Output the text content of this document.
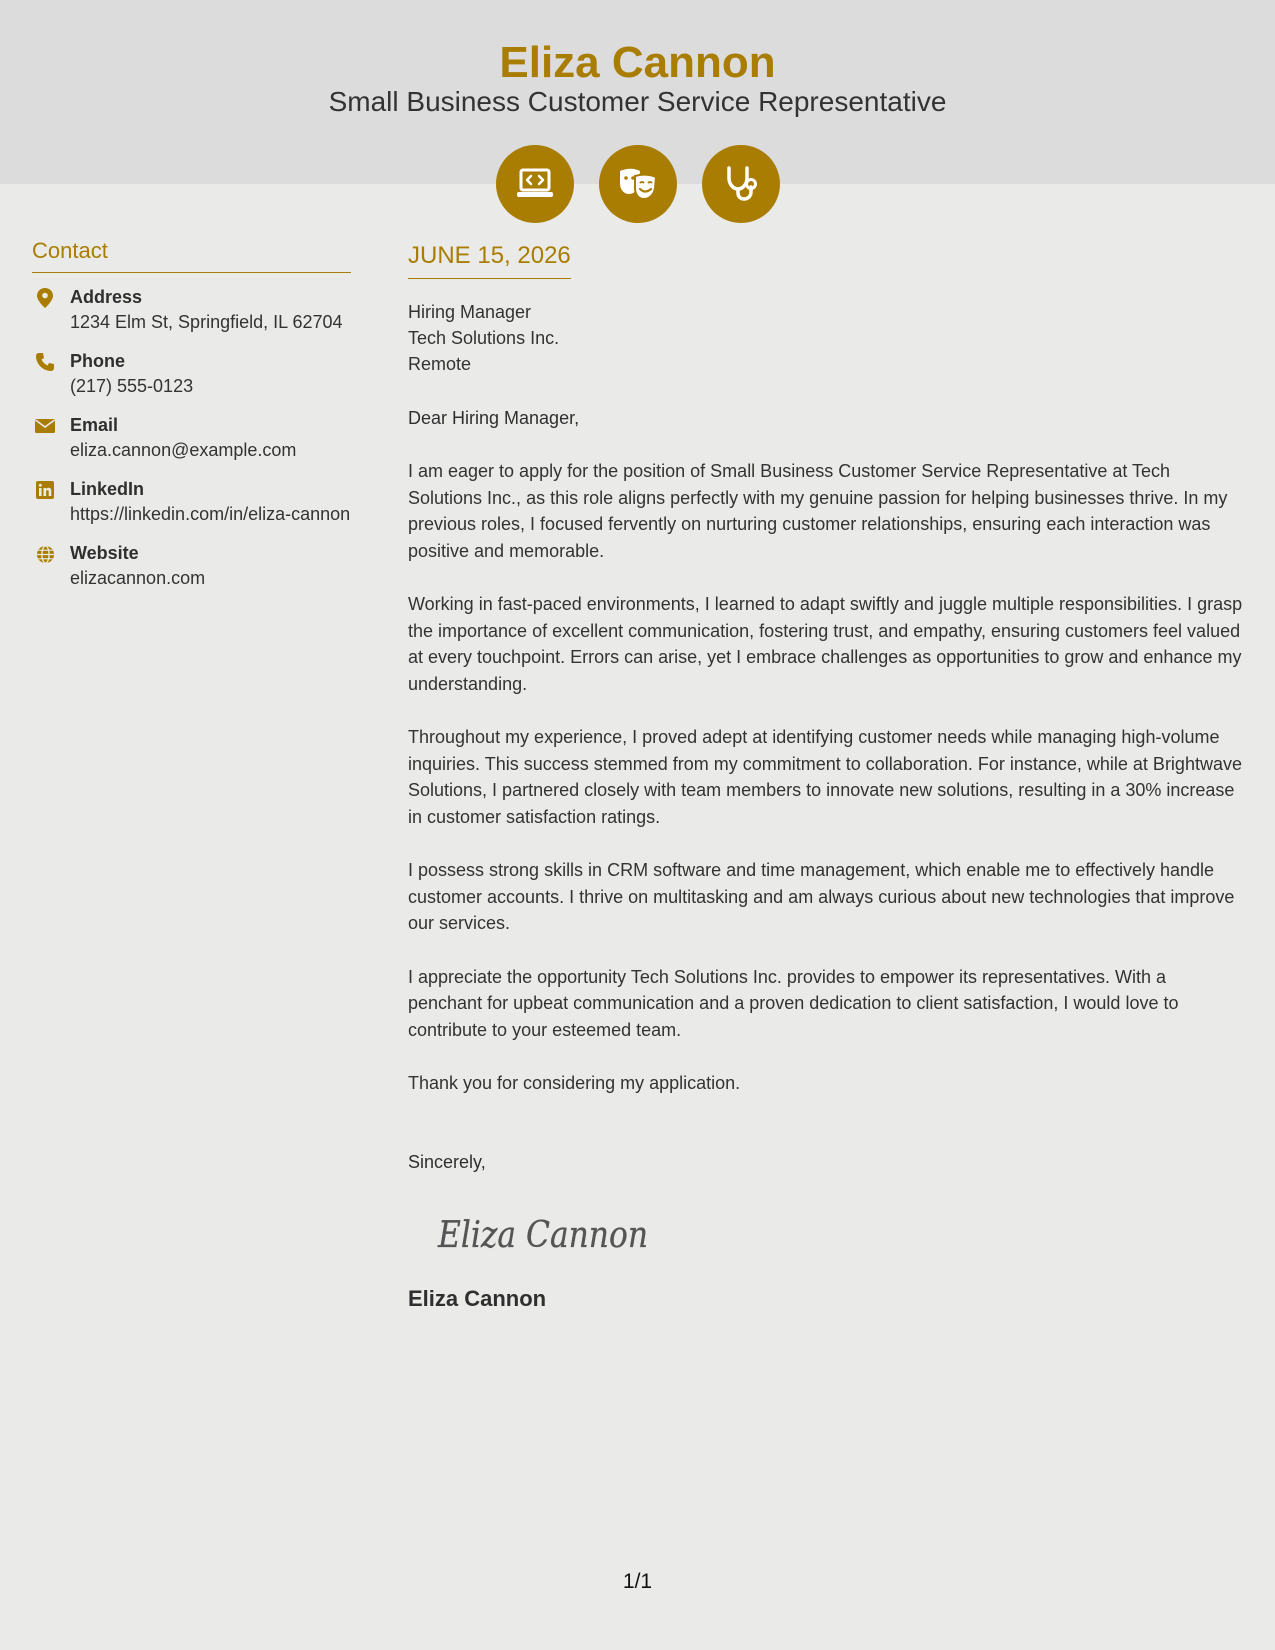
Eliza Cannon
Small Business Customer Service Representative
Contact
Address
1234 Elm St, Springfield, IL 62704
Phone
(217) 555-0123
Email
eliza.cannon@example.com
LinkedIn
https://linkedin.com/in/eliza-cannon
Website
elizacannon.com
JUNE 15, 2026
Hiring Manager
Tech Solutions Inc.
Remote
Dear Hiring Manager,
I am eager to apply for the position of Small Business Customer Service Representative at Tech Solutions Inc., as this role aligns perfectly with my genuine passion for helping businesses thrive. In my previous roles, I focused fervently on nurturing customer relationships, ensuring each interaction was positive and memorable.
Working in fast-paced environments, I learned to adapt swiftly and juggle multiple responsibilities. I grasp the importance of excellent communication, fostering trust, and empathy, ensuring customers feel valued at every touchpoint. Errors can arise, yet I embrace challenges as opportunities to grow and enhance my understanding.
Throughout my experience, I proved adept at identifying customer needs while managing high-volume inquiries. This success stemmed from my commitment to collaboration. For instance, while at Brightwave Solutions, I partnered closely with team members to innovate new solutions, resulting in a 30% increase in customer satisfaction ratings.
I possess strong skills in CRM software and time management, which enable me to effectively handle customer accounts. I thrive on multitasking and am always curious about new technologies that improve our services.
I appreciate the opportunity Tech Solutions Inc. provides to empower its representatives. With a penchant for upbeat communication and a proven dedication to client satisfaction, I would love to contribute to your esteemed team.
Thank you for considering my application.
Sincerely,
Eliza Cannon
Eliza Cannon
1/1
